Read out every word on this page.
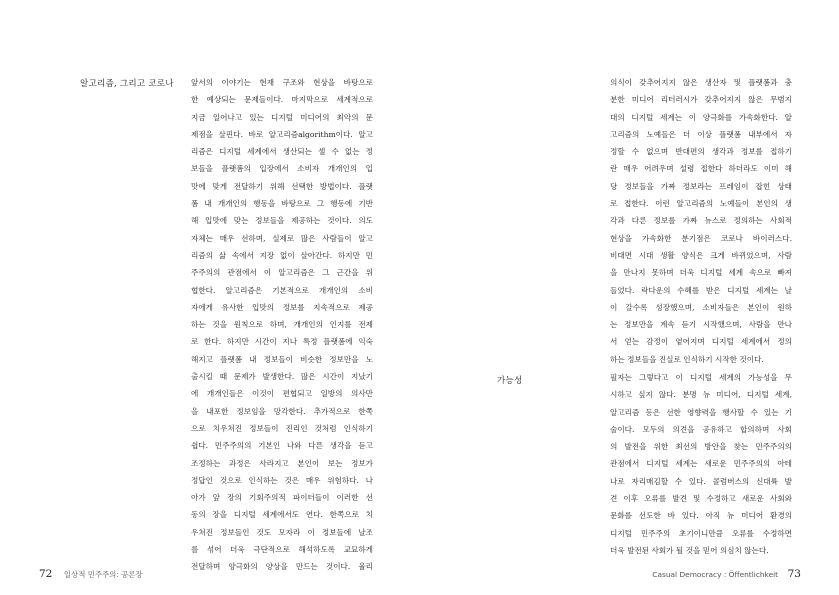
알고리즘, 그리고 코로나 앞서의 이야기는 현재 구조와 현상을 바탕으로
한 예상되는 문제들이다. 마지막으로 세계적으로
지금 일어나고 있는 디지털 미디어의 최악의 문
제점을 살핀다. 바로 알고리즘algorithm이다. 알고
리즘은 디지털 세계에서 생산되는 셀 수 없는 정
보들을 플랫폼의 입장에서 소비자 개개인의 입
맛에 맞게 전달하기 위해 선택한 방법이다. 플랫
폼 내 개개인의 행동을 바탕으로 그 행동에 기반
해 입맛에 맞는 정보들을 제공하는 것이다. 의도
자체는 매우 선하며, 실제로 많은 사람들이 알고
리즘의 삶 속에서 지장 없이 살아간다. 하지만 민
주주의의 관점에서 이 알고리즘은 그 근간을 위
협한다. 알고리즘은 기본적으로 개개인의 소비
자에게 유사한 입맛의 정보를 지속적으로 제공
하는 것을 원칙으로 하며, 개개인의 인지를 전제
로 한다. 하지만 시간이 지나 특정 플랫폼에 익숙
해지고 플랫폼 내 정보들이 비슷한 정보만을 노
출시킬 때 문제가 발생한다. 많은 시간이 지났기
에 개개인들은 이것이 편협되고 일방의 의사만
을 내포한 정보임을 망각한다. 추가적으로 한쪽
으로 치우쳐진 정보들이 진리인 것처럼 인식하기
쉽다. 민주주의의 기본인 나와 다른 생각을 듣고
조정하는 과정은 사라지고 본인이 보는 정보가
정답인 것으로 인식하는 것은 매우 위험하다. 나
아가 앞 장의 기회주의적 파이터들이 이러한 선
동의 장을 디지털 세계에서도 연다. 한쪽으로 치
우쳐진 정보들인 것도 모자라 이 정보들에 날조
를 섞어 더욱 극단적으로 해석하도록 교묘하게
전달하며 양극화의 양상을 만드는 것이다. 율리
72 일상적 민주주의: 공론장
의식이 갖추어지지 않은 생산자 및 플랫폼과 충
분한 미디어 리터러시가 갖추어지지 않은 무범지
대의 디지털 세계는 이 양극화를 가속화한다. 알
고리즘의 노예들은 더 이상 플랫폼 내부에서 자
정할 수 없으며 반대편의 생각과 정보를 접하기
란 매우 어려우며 설령 접한다 하더라도 이미 해
당 정보들을 가짜 정보라는 프레임이 잡힌 상태
로 접한다. 이런 알고리즘의 노예들이 본인의 생
각과 다른 정보를 가짜 뉴스로 정의하는 사회적
현상을 가속화한 분기점은 코로나 바이러스다.
비대면 시대 생활 양식은 크게 바뀌었으며, 사람
을 만나지 못하며 더욱 디지털 세계 속으로 빠져
들었다. 락다운의 수혜를 받은 디지털 세계는 날
이 갈수록 성장했으며, 소비자들은 본인이 원하
는 정보만을 계속 듣기 시작했으며, 사람을 만나
서 얻는 감정이 옅어지며 디지털 세계에서 정의
하는 정보들을 진실로 인식하기 시작한 것이다.
가능성	필자는 그렇다고 이 디지털 세계의 가능성을 무
시하고 싶지 않다. 분명 뉴 미디어, 디지털 세계,
알고리즘 등은 선한 영향력을 행사할 수 있는 기
술이다. 모두의 의견을 공유하고 합의하며 사회
의 발전을 위한 최선의 방안을 찾는 민주주의의
관점에서 디지털 세계는 새로운 민주주의의 아테
나로 자리매김할 수 있다. 콜럼버스의 신대륙 발
견 이후 오류를 발견 및 수정하고 새로운 사회와
문화를 선도한 바 있다. 아직 뉴 미디어 환경의
디지털 민주주의 초기이니만큼 오류를 수정하면
더욱 발전된 사회가 될 것을 믿어 의심치 않는다.
Casual Democracy : Öffentlichkeit 73
